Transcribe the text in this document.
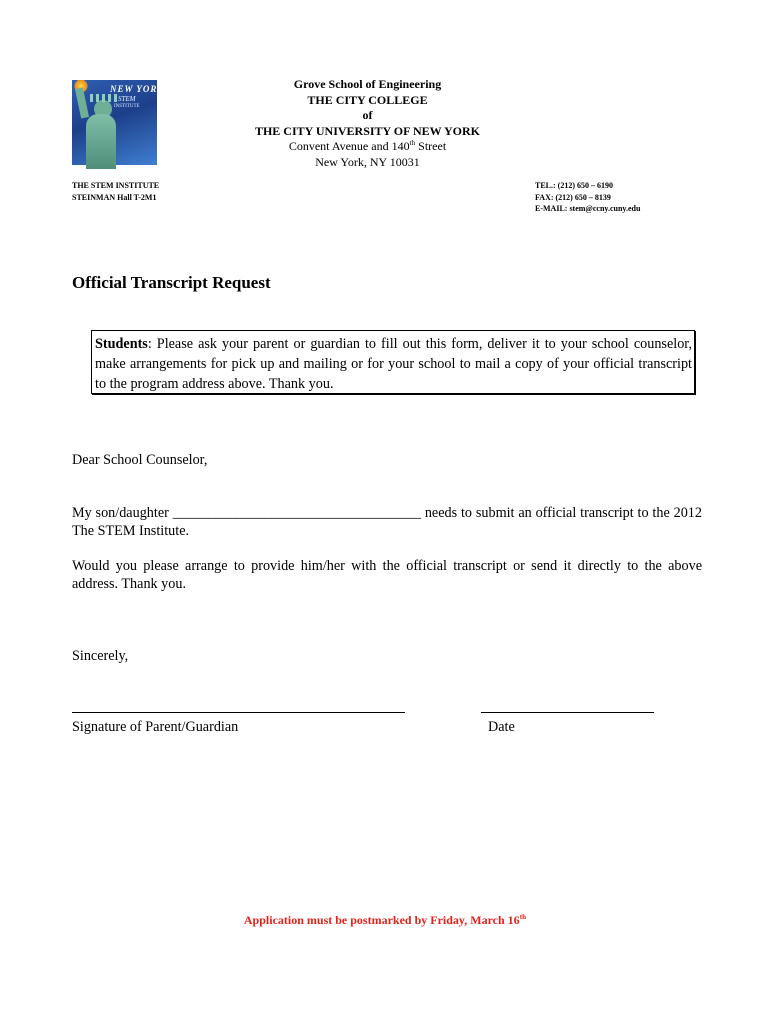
NEW YORK
STEM
INSTITUTE
Grove School of Engineering
THE CITY COLLEGE
of
THE CITY UNIVERSITY OF NEW YORK
Convent Avenue and 140th Street
New York, NY 10031
THE STEM INSTITUTE
STEINMAN Hall T-2M1
TEL.: (212) 650 – 6190
FAX: (212) 650 – 8139
E-MAIL: stem@ccny.cuny.edu
Official Transcript Request
Students: Please ask your parent or guardian to fill out this form, deliver it to your school counselor, make arrangements for pick up and mailing or for your school to mail a copy of your official transcript to the program address above. Thank you.
Dear School Counselor,
My son/daughter ___________________________________ needs to submit an official transcript to the 2012 The STEM Institute.
Would you please arrange to provide him/her with the official transcript or send it directly to the above address. Thank you.
Sincerely,
Signature of Parent/Guardian	Date
Application must be postmarked by Friday, March 16th
